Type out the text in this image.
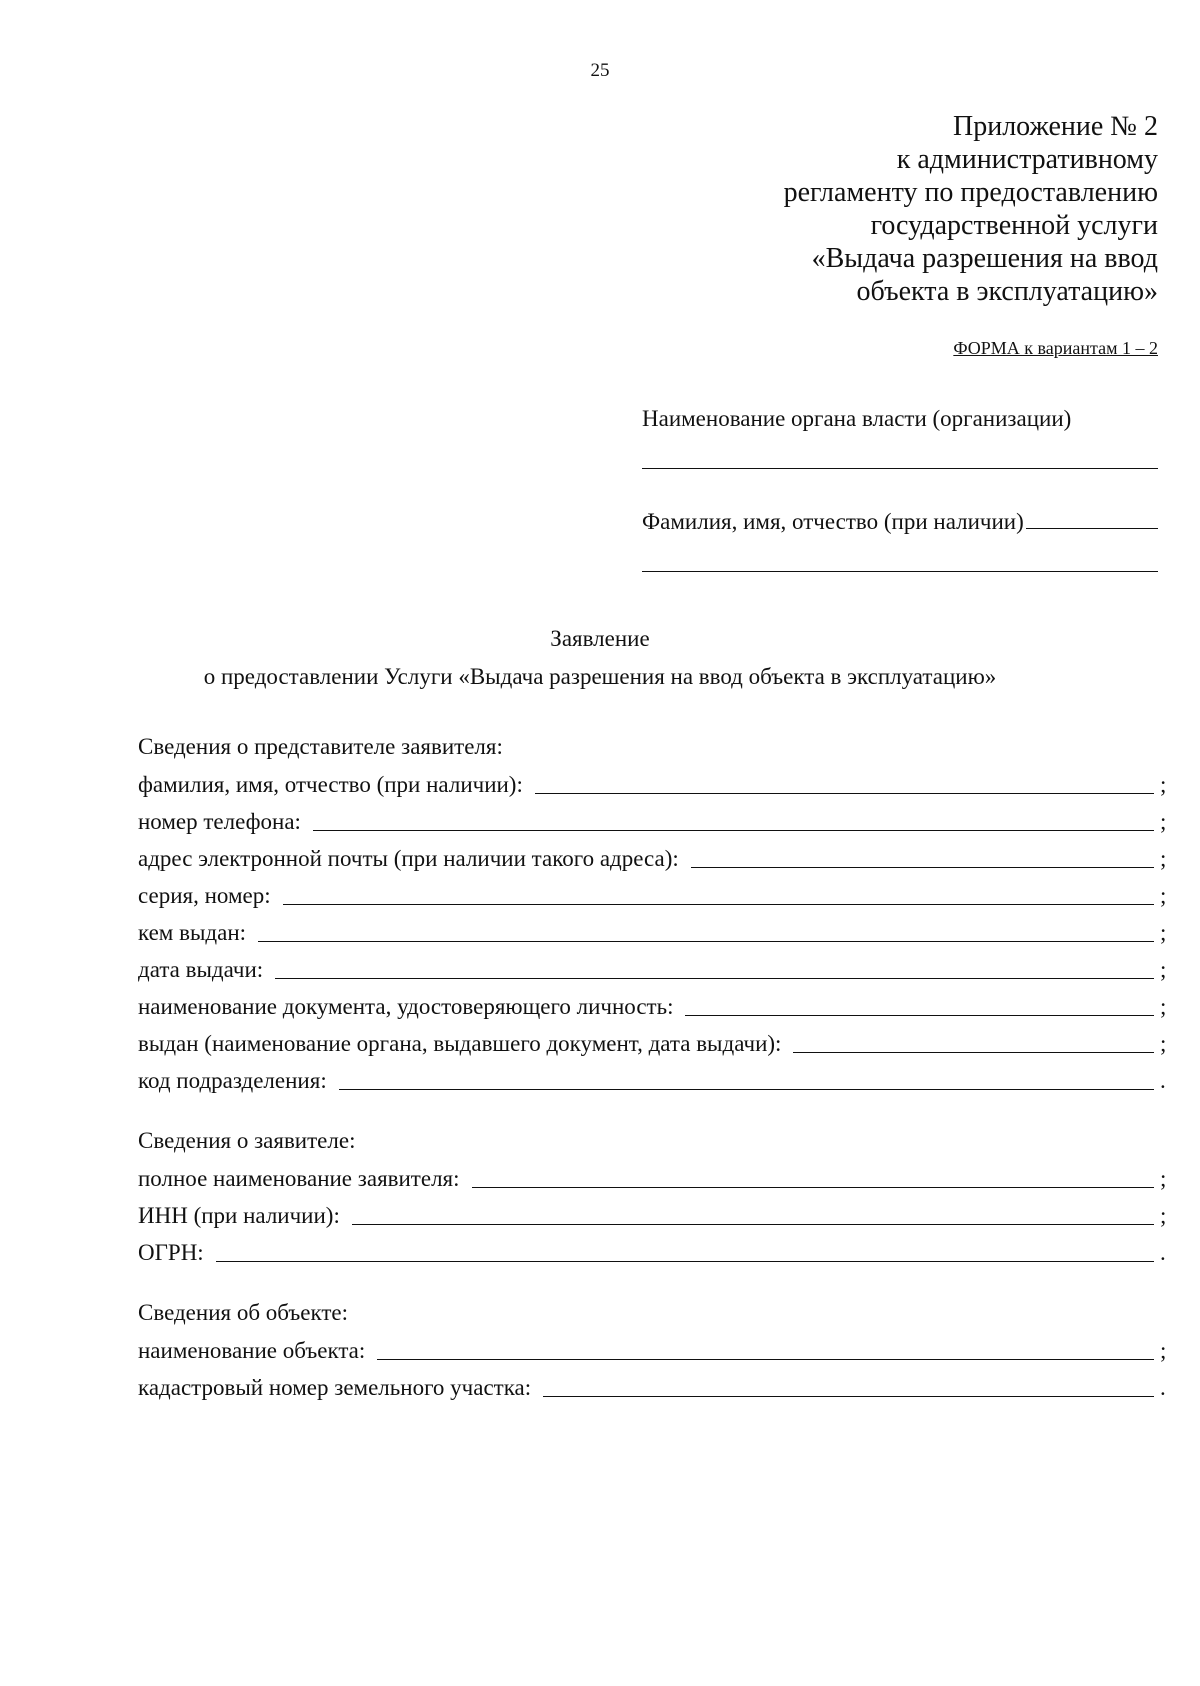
25
Приложение № 2
к административному
регламенту по предоставлению
государственной услуги
«Выдача разрешения на ввод
объекта в эксплуатацию»
ФОРМА к вариантам 1 – 2
Наименование органа власти (организации)
Фамилия, имя, отчество (при наличии)
Заявление
о предоставлении Услуги «Выдача разрешения на ввод объекта в эксплуатацию»
Сведения о представителе заявителя:
фамилия, имя, отчество (при наличии):	;
номер телефона:	;
адрес электронной почты (при наличии такого адреса):	;
серия, номер:	;
кем выдан:	;
дата выдачи:	;
наименование документа, удостоверяющего личность:	;
выдан (наименование органа, выдавшего документ, дата выдачи):	;
код подразделения:	.
Сведения о заявителе:
полное наименование заявителя:	;
ИНН (при наличии):	;
ОГРН:	.
Сведения об объекте:
наименование объекта:	;
кадастровый номер земельного участка:	.
